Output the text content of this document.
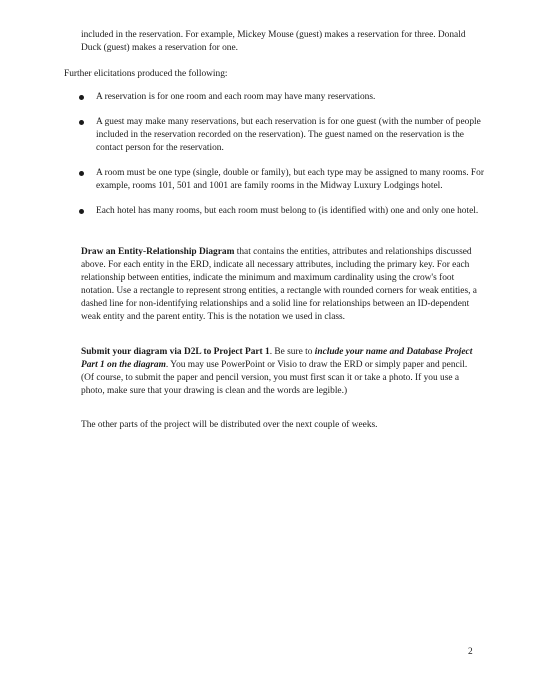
included in the reservation. For example, Mickey Mouse (guest) makes a reservation for three. Donald Duck (guest) makes a reservation for one.
Further elicitations produced the following:
A reservation is for one room and each room may have many reservations.
A guest may make many reservations, but each reservation is for one guest (with the number of people included in the reservation recorded on the reservation). The guest named on the reservation is the contact person for the reservation.
A room must be one type (single, double or family), but each type may be assigned to many rooms. For example, rooms 101, 501 and 1001 are family rooms in the Midway Luxury Lodgings hotel.
Each hotel has many rooms, but each room must belong to (is identified with) one and only one hotel.
Draw an Entity-Relationship Diagram that contains the entities, attributes and relationships discussed above. For each entity in the ERD, indicate all necessary attributes, including the primary key. For each relationship between entities, indicate the minimum and maximum cardinality using the crow's foot notation. Use a rectangle to represent strong entities, a rectangle with rounded corners for weak entities, a dashed line for non-identifying relationships and a solid line for relationships between an ID-dependent weak entity and the parent entity. This is the notation we used in class.
Submit your diagram via D2L to Project Part 1. Be sure to include your name and Database Project Part 1 on the diagram. You may use PowerPoint or Visio to draw the ERD or simply paper and pencil. (Of course, to submit the paper and pencil version, you must first scan it or take a photo. If you use a photo, make sure that your drawing is clean and the words are legible.)
The other parts of the project will be distributed over the next couple of weeks.
2
